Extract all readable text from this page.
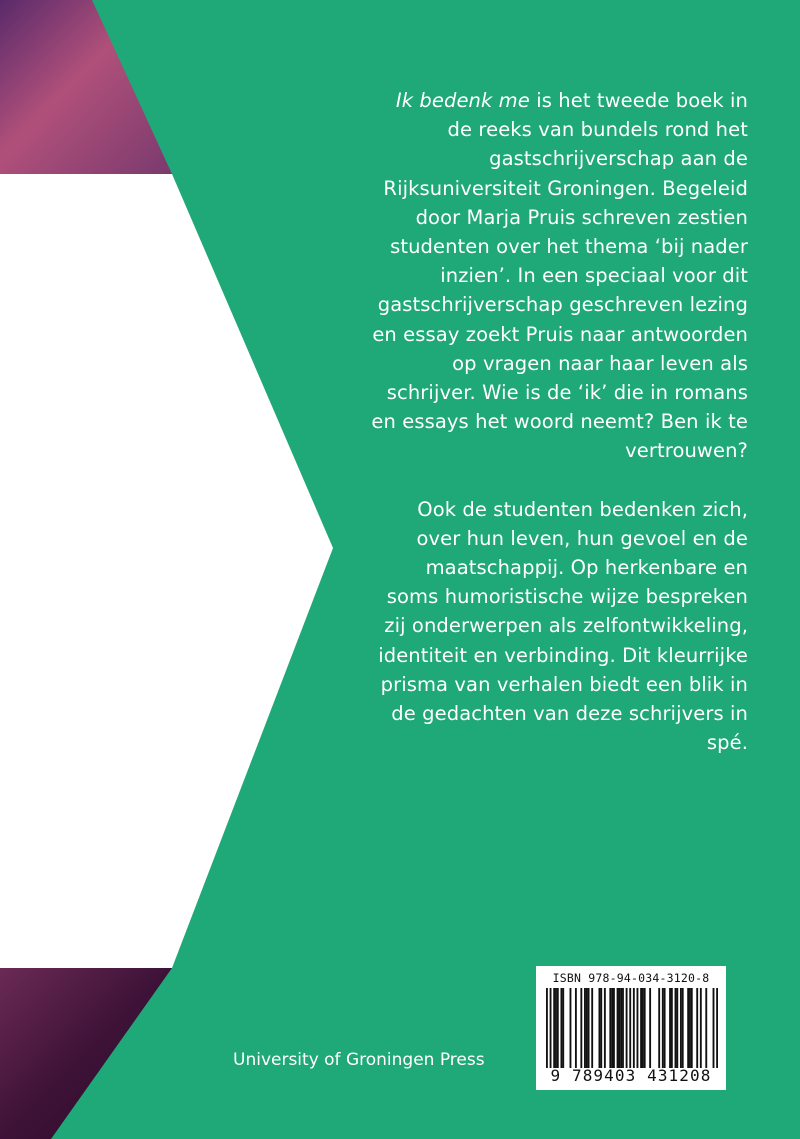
Ik bedenk me is het tweede boek in de reeks van bundels rond het gastschrijverschap aan de Rijksuniversiteit Groningen. Begeleid door Marja Pruis schreven zestien studenten over het thema ‘bij nader inzien’. In een speciaal voor dit gastschrijverschap geschreven lezing en essay zoekt Pruis naar antwoorden op vragen naar haar leven als schrijver. Wie is de ‘ik’ die in romans en essays het woord neemt? Ben ik te vertrouwen?

Ook de studenten bedenken zich, over hun leven, hun gevoel en de maatschappij. Op herkenbare en soms humoristische wijze bespreken zij onderwerpen als zelfontwikkeling, identiteit en verbinding. Dit kleurrijke prisma van verhalen biedt een blik in de gedachten van deze schrijvers in spé.

University of Groningen Press
ISBN 978-94-034-3120-8
9 789403 431208
